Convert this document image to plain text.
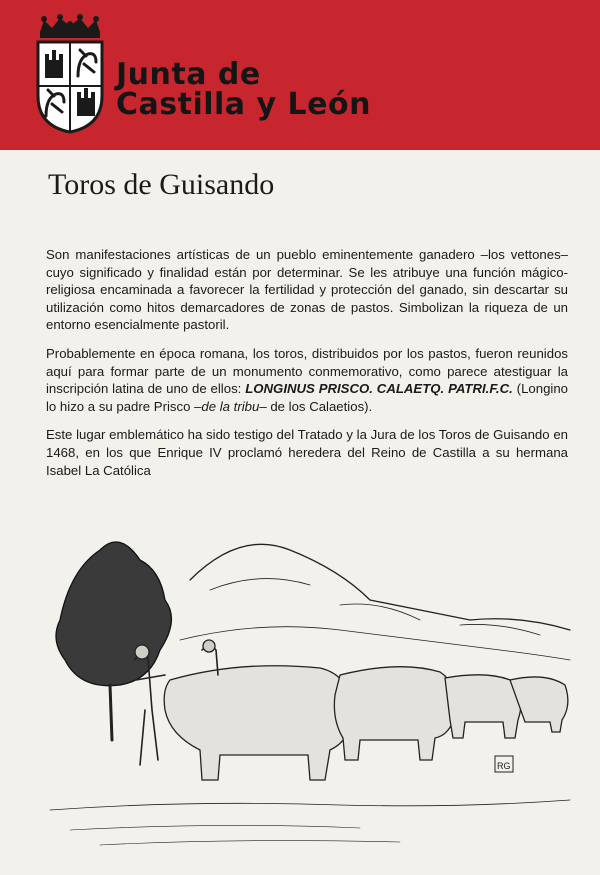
Junta de
Castilla y León
Toros de Guisando

Son manifestaciones artísticas de un pueblo eminentemente ganadero –los vettones– cuyo significado y finalidad están por determinar. Se les atribuye una función mágico-religiosa encaminada a favorecer la fertilidad y protección del ganado, sin descartar su utilización como hitos demarcadores de zonas de pastos. Simbolizan la riqueza de un entorno esencialmente pastoril.

Probablemente en época romana, los toros, distribuidos por los pastos, fueron reunidos aquí para formar parte de un monumento conmemorativo, como parece atestiguar la inscripción latina de uno de ellos: LONGINUS PRISCO. CALAETQ. PATRI.F.C. (Longino lo hizo a su padre Prisco –de la tribu– de los Calaetios).

Este lugar emblemático ha sido testigo del Tratado y la Jura de los Toros de Guisando en 1468, en los que Enrique IV proclamó heredera del Reino de Castilla a su hermana Isabel La Católica

RG
